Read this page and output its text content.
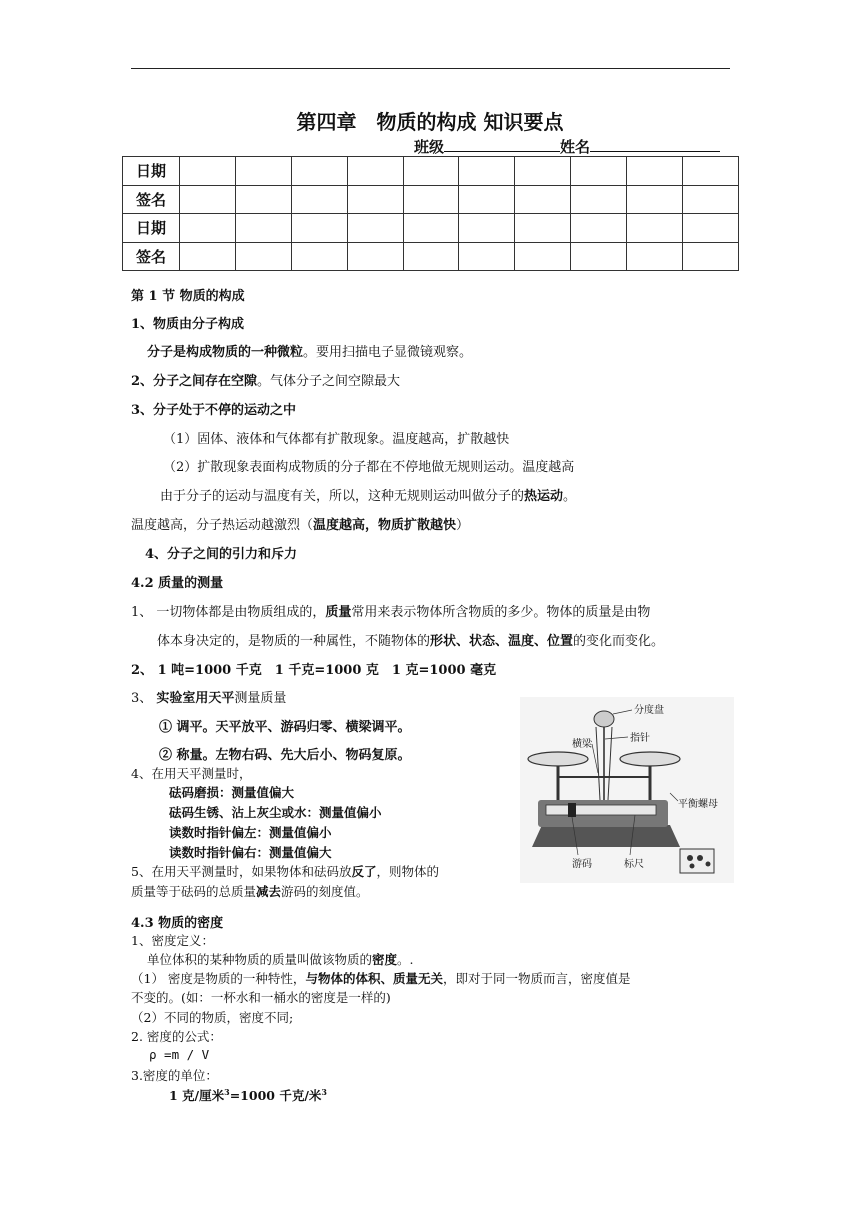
第四章　物质的构成 知识要点
班级	姓名
日期										
签名										
日期										
签名										
第 1 节 物质的构成
1、物质由分子构成
分子是构成物质的一种微粒。要用扫描电子显微镜观察。
2、分子之间存在空隙。气体分子之间空隙最大
3、分子处于不停的运动之中
（1）固体、液体和气体都有扩散现象。温度越高，扩散越快
（2）扩散现象表面构成物质的分子都在不停地做无规则运动。温度越高
由于分子的运动与温度有关，所以，这种无规则运动叫做分子的热运动。
温度越高，分子热运动越激烈（温度越高，物质扩散越快）
4、分子之间的引力和斥力
4.2 质量的测量
1、 一切物体都是由物质组成的，质量常用来表示物体所含物质的多少。物体的质量是由物
体本身决定的，是物质的一种属性，不随物体的形状、状态、温度、位置的变化而变化。
2、 1 吨=1000 千克　1 千克=1000 克　1 克=1000 毫克
3、 实验室用天平测量质量
① 调平。天平放平、游码归零、横梁调平。
② 称量。左物右码、先大后小、物码复原。
4、在用天平测量时，
砝码磨损：测量值偏大
砝码生锈、沾上灰尘或水：测量值偏小
读数时指针偏左：测量值偏小
读数时指针偏右：测量值偏大
5、在用天平测量时，如果物体和砝码放反了，则物体的
质量等于砝码的总质量减去游码的刻度值。
分度盘
横梁
指针
平衡螺母
游码	标尺
4.3 物质的密度
1、密度定义：
单位体积的某种物质的质量叫做该物质的密度。.
（1） 密度是物质的一种特性，与物体的体积、质量无关，即对于同一物质而言，密度值是
不变的。(如：一杯水和一桶水的密度是一样的)
（2）不同的物质，密度不同;
2. 密度的公式：
ρ =m / V
3.密度的单位：
1 克/厘米$^3$=1000 千克/米$^3$
